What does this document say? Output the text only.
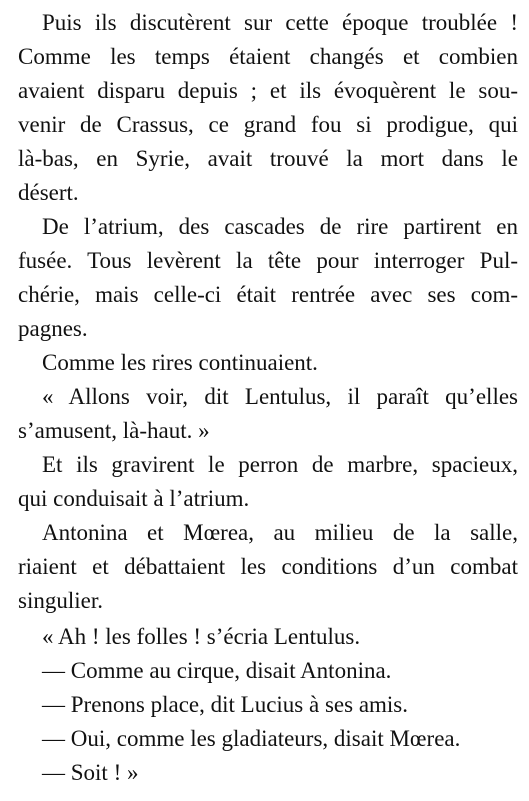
Puis ils discutèrent sur cette époque troublée !
Comme les temps étaient changés et combien
avaient disparu depuis ; et ils évoquèrent le sou-
venir de Crassus, ce grand fou si prodigue, qui
là-bas, en Syrie, avait trouvé la mort dans le
désert.
De l’atrium, des cascades de rire partirent en
fusée. Tous levèrent la tête pour interroger Pul-
chérie, mais celle-ci était rentrée avec ses com-
pagnes.
Comme les rires continuaient.
« Allons voir, dit Lentulus, il paraît qu’elles
s’amusent, là-haut. »
Et ils gravirent le perron de marbre, spacieux,
qui conduisait à l’atrium.
Antonina et Mœrea, au milieu de la salle,
riaient et débattaient les conditions d’un combat
singulier.
« Ah ! les folles ! s’écria Lentulus.
— Comme au cirque, disait Antonina.
— Prenons place, dit Lucius à ses amis.
— Oui, comme les gladiateurs, disait Mœrea.
— Soit ! »
